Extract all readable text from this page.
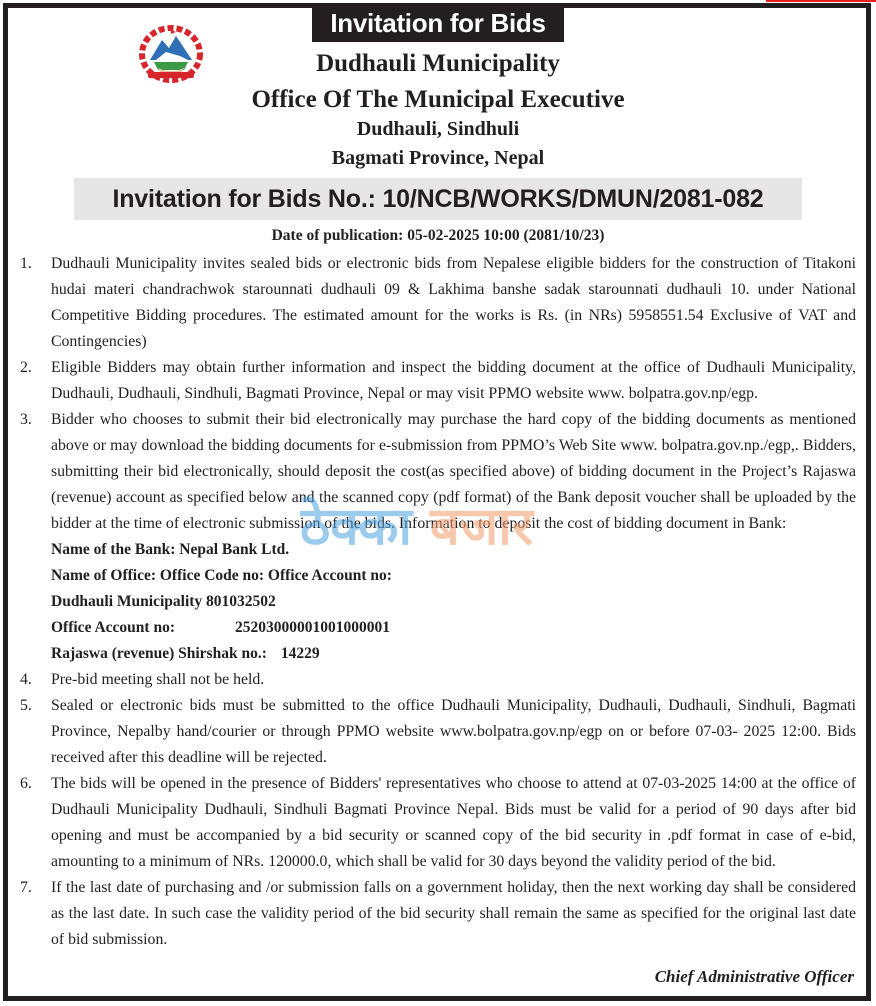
Invitation for Bids
Dudhauli Municipality
Office Of The Municipal Executive
Dudhauli, Sindhuli
Bagmati Province, Nepal
Invitation for Bids No.: 10/NCB/WORKS/DMUN/2081-082
Date of publication: 05-02-2025 10:00 (2081/10/23)
1.	Dudhauli Municipality invites sealed bids or electronic bids from Nepalese eligible bidders for the construction of Titakoni hudai materi chandrachwok starounnati dudhauli 09 & Lakhima banshe sadak starounnati dudhauli 10. under National Competitive Bidding procedures. The estimated amount for the works is Rs. (in NRs) 5958551.54 Exclusive of VAT and Contingencies)
2.	Eligible Bidders may obtain further information and inspect the bidding document at the office of Dudhauli Municipality, Dudhauli, Dudhauli, Sindhuli, Bagmati Province, Nepal or may visit PPMO website www. bolpatra.gov.np/egp.
3.	Bidder who chooses to submit their bid electronically may purchase the hard copy of the bidding documents as mentioned above or may download the bidding documents for e-submission from PPMO’s Web Site www. bolpatra.gov.np./egp,. Bidders, submitting their bid electronically, should deposit the cost(as specified above) of bidding document in the Project’s Rajaswa (revenue) account as specified below and the scanned copy (pdf format) of the Bank deposit voucher shall be uploaded by the bidder at the time of electronic submission of the bids. Information to deposit the cost of bidding document in Bank:
Name of the Bank: Nepal Bank Ltd.
Name of Office: Office Code no: Office Account no:
Dudhauli Municipality 801032502
Office Account no:	25203000001001000001
Rajaswa (revenue) Shirshak no.: 14229
4.	Pre-bid meeting shall not be held.
5.	Sealed or electronic bids must be submitted to the office Dudhauli Municipality, Dudhauli, Dudhauli, Sindhuli, Bagmati Province, Nepalby hand/courier or through PPMO website www.bolpatra.gov.np/egp on or before 07-03- 2025 12:00. Bids received after this deadline will be rejected.
6.	The bids will be opened in the presence of Bidders' representatives who choose to attend at 07-03-2025 14:00 at the office of Dudhauli Municipality Dudhauli, Sindhuli Bagmati Province Nepal. Bids must be valid for a period of 90 days after bid opening and must be accompanied by a bid security or scanned copy of the bid security in .pdf format in case of e-bid, amounting to a minimum of NRs. 120000.0, which shall be valid for 30 days beyond the validity period of the bid.
7.	If the last date of purchasing and /or submission falls on a government holiday, then the next working day shall be considered as the last date. In such case the validity period of the bid security shall remain the same as specified for the original last date of bid submission.
ठेक्का बजार
Chief Administrative Officer
